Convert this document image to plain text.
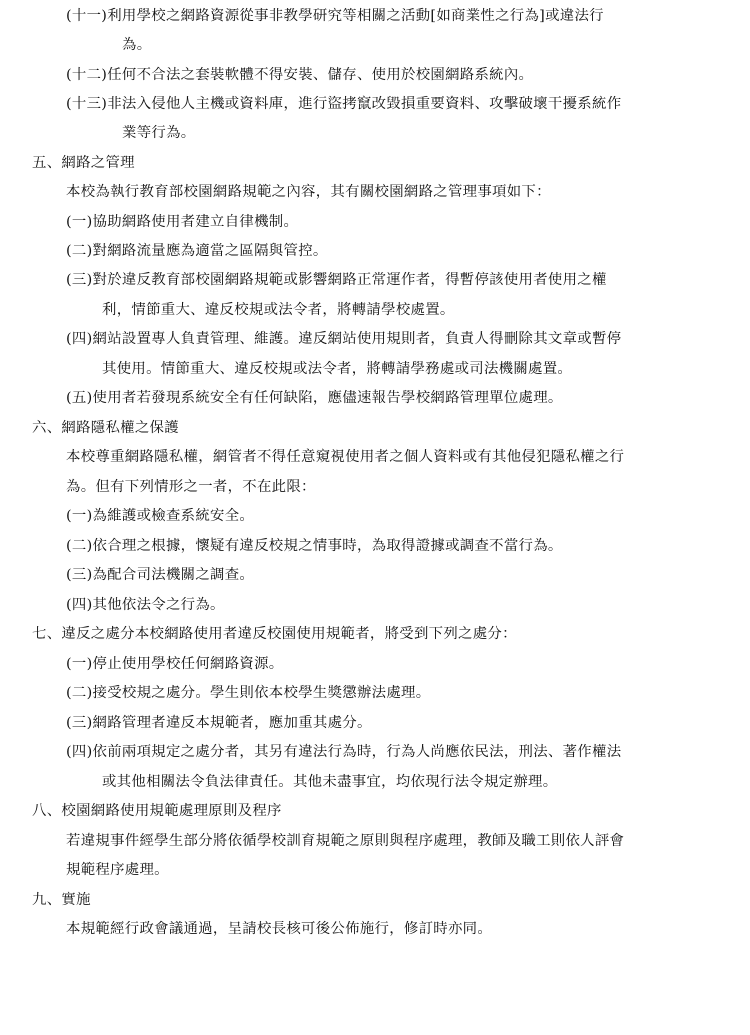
(十一)利用學校之網路資源從事非教學研究等相關之活動[如商業性之行為]或違法行
為。
(十二)任何不合法之套裝軟體不得安裝、儲存、使用於校園網路系統內。
(十三)非法入侵他人主機或資料庫，進行盜拷竄改毀損重要資料、攻擊破壞干擾系統作
業等行為。
五、網路之管理
本校為執行教育部校園網路規範之內容，其有關校園網路之管理事項如下：
(一)協助網路使用者建立自律機制。
(二)對網路流量應為適當之區隔與管控。
(三)對於違反教育部校園網路規範或影響網路正常運作者，得暫停該使用者使用之權
利，情節重大、違反校規或法令者，將轉請學校處置。
(四)網站設置專人負責管理、維護。違反網站使用規則者，負責人得刪除其文章或暫停
其使用。情節重大、違反校規或法令者，將轉請學務處或司法機關處置。
(五)使用者若發現系統安全有任何缺陷，應儘速報告學校網路管理單位處理。
六、網路隱私權之保護
本校尊重網路隱私權，網管者不得任意窺視使用者之個人資料或有其他侵犯隱私權之行
為。但有下列情形之一者，不在此限：
(一)為維護或檢查系統安全。
(二)依合理之根據，懷疑有違反校規之情事時，為取得證據或調查不當行為。
(三)為配合司法機關之調查。
(四)其他依法令之行為。
七、違反之處分本校網路使用者違反校園使用規範者，將受到下列之處分：
(一)停止使用學校任何網路資源。
(二)接受校規之處分。學生則依本校學生獎懲辦法處理。
(三)網路管理者違反本規範者，應加重其處分。
(四)依前兩項規定之處分者，其另有違法行為時，行為人尚應依民法，刑法、著作權法
或其他相關法令負法律責任。其他未盡事宜，均依現行法令規定辦理。
八、校園網路使用規範處理原則及程序
若違規事件經學生部分將依循學校訓育規範之原則與程序處理，教師及職工則依人評會
規範程序處理。
九、實施
本規範經行政會議通過，呈請校長核可後公佈施行，修訂時亦同。
